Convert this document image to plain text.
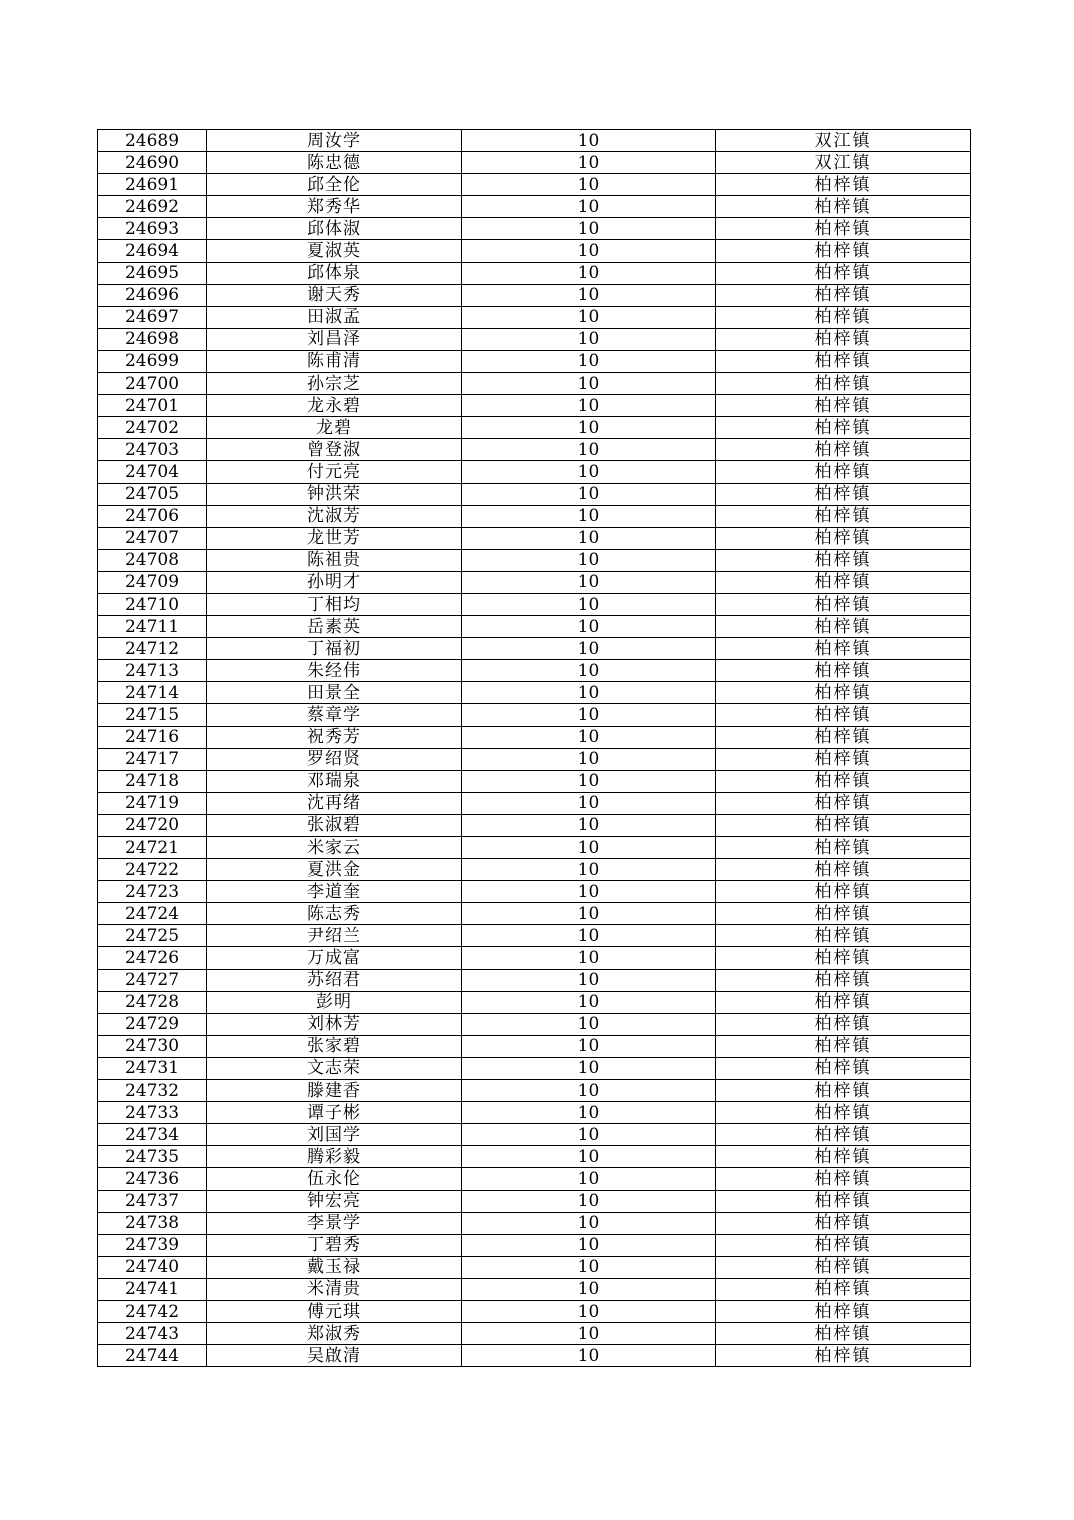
24689	周汝学	10	双江镇
24690	陈忠德	10	双江镇
24691	邱全伦	10	柏梓镇
24692	郑秀华	10	柏梓镇
24693	邱体淑	10	柏梓镇
24694	夏淑英	10	柏梓镇
24695	邱体泉	10	柏梓镇
24696	谢天秀	10	柏梓镇
24697	田淑孟	10	柏梓镇
24698	刘昌泽	10	柏梓镇
24699	陈甫清	10	柏梓镇
24700	孙宗芝	10	柏梓镇
24701	龙永碧	10	柏梓镇
24702	龙碧	10	柏梓镇
24703	曾登淑	10	柏梓镇
24704	付元亮	10	柏梓镇
24705	钟洪荣	10	柏梓镇
24706	沈淑芳	10	柏梓镇
24707	龙世芳	10	柏梓镇
24708	陈祖贵	10	柏梓镇
24709	孙明才	10	柏梓镇
24710	丁相均	10	柏梓镇
24711	岳素英	10	柏梓镇
24712	丁福初	10	柏梓镇
24713	朱经伟	10	柏梓镇
24714	田景全	10	柏梓镇
24715	蔡章学	10	柏梓镇
24716	祝秀芳	10	柏梓镇
24717	罗绍贤	10	柏梓镇
24718	邓瑞泉	10	柏梓镇
24719	沈再绪	10	柏梓镇
24720	张淑碧	10	柏梓镇
24721	米家云	10	柏梓镇
24722	夏洪金	10	柏梓镇
24723	李道奎	10	柏梓镇
24724	陈志秀	10	柏梓镇
24725	尹绍兰	10	柏梓镇
24726	万成富	10	柏梓镇
24727	苏绍君	10	柏梓镇
24728	彭明	10	柏梓镇
24729	刘林芳	10	柏梓镇
24730	张家碧	10	柏梓镇
24731	文志荣	10	柏梓镇
24732	滕建香	10	柏梓镇
24733	谭子彬	10	柏梓镇
24734	刘国学	10	柏梓镇
24735	腾彩毅	10	柏梓镇
24736	伍永伦	10	柏梓镇
24737	钟宏亮	10	柏梓镇
24738	李景学	10	柏梓镇
24739	丁碧秀	10	柏梓镇
24740	戴玉禄	10	柏梓镇
24741	米清贵	10	柏梓镇
24742	傅元琪	10	柏梓镇
24743	郑淑秀	10	柏梓镇
24744	吴啟清	10	柏梓镇
